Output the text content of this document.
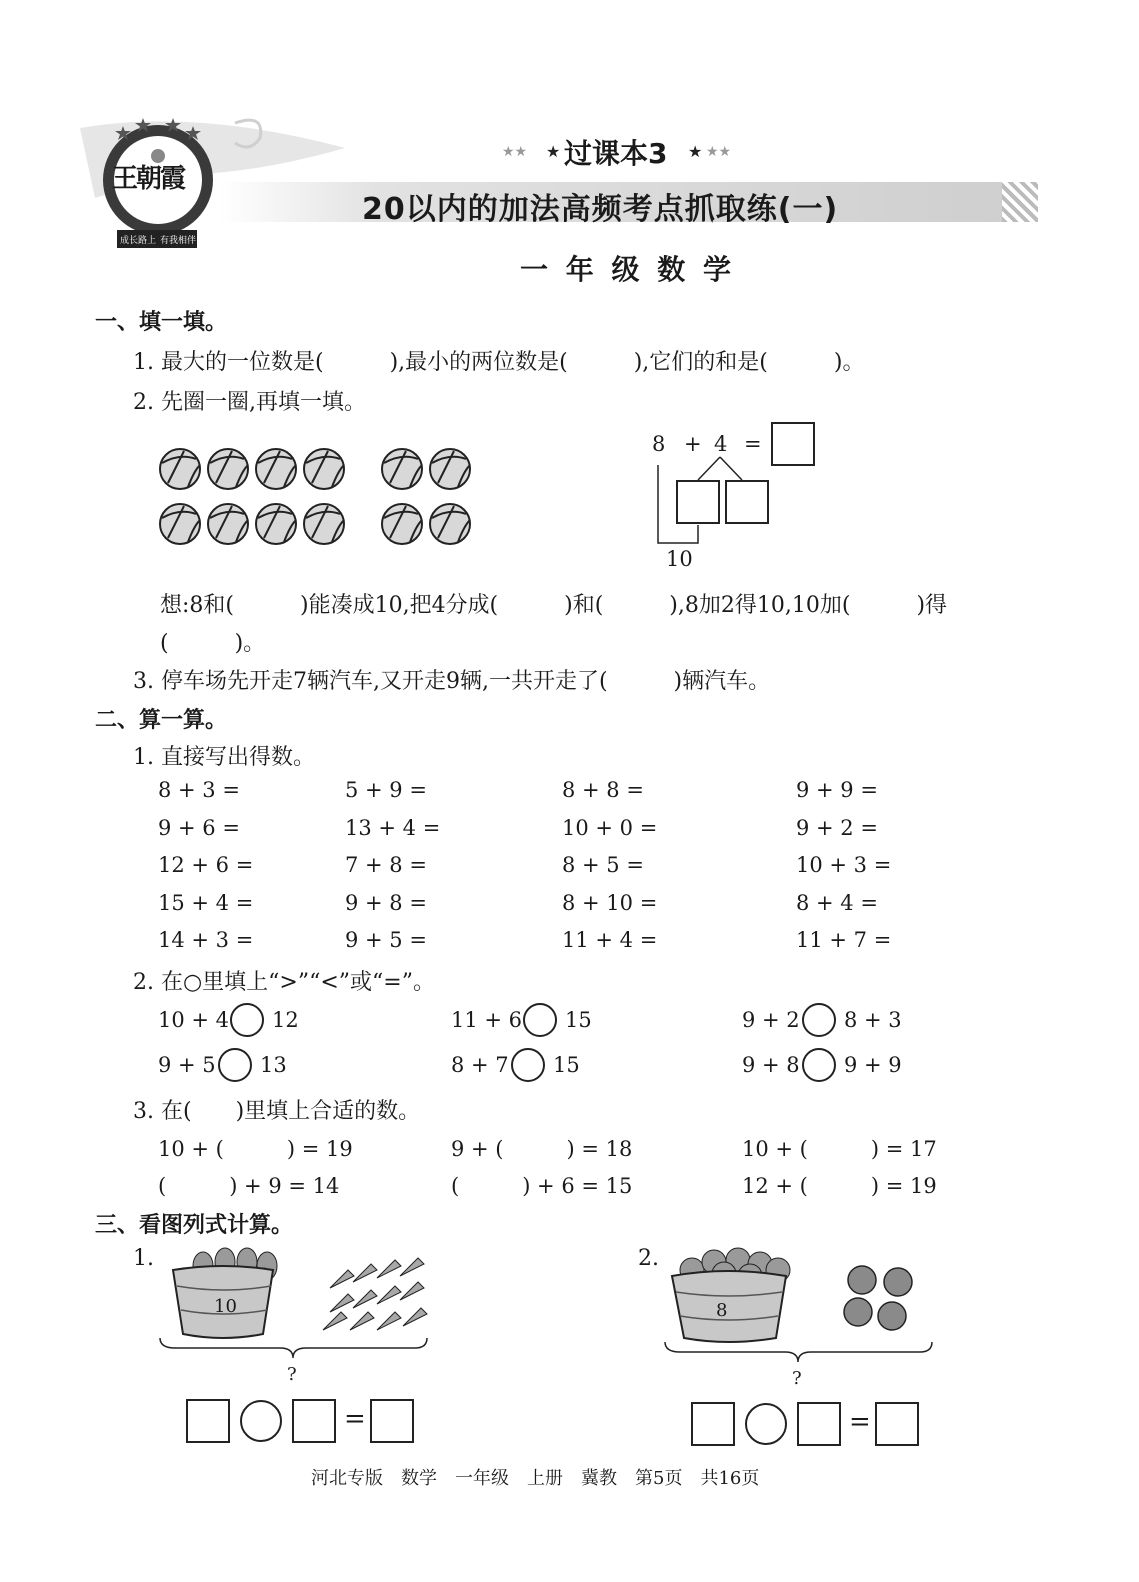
王朝霞
成长路上 有我相伴
★★ ★ 过课本3 ★ ★★
20以内的加法高频考点抓取练(一)
一 年 级 数 学
一、填一填。
1. 最大的一位数是(　　　),最小的两位数是(　　　),它们的和是(　　　)。
2. 先圈一圈,再填一填。
8 + 4 =
10
想:8和(　　　)能凑成10,把4分成(　　　)和(　　　),8加2得10,10加(　　　)得
(　　　)。
3. 停车场先开走7辆汽车,又开走9辆,一共开走了(　　　)辆汽车。
二、算一算。
1. 直接写出得数。
8 + 3 =	5 + 9 =	8 + 8 =	9 + 9 =
9 + 6 =	13 + 4 =	10 + 0 =	9 + 2 =
12 + 6 =	7 + 8 =	8 + 5 =	10 + 3 =
15 + 4 =	9 + 8 =	8 + 10 =	8 + 4 =
14 + 3 =	9 + 5 =	11 + 4 =	11 + 7 =
2. 在○里填上“>”“<”或“=”。
10 + 4 12	11 + 6 15	9 + 2 8 + 3
9 + 5 13	8 + 7 15	9 + 8 9 + 9
3. 在(　　)里填上合适的数。
10 + (　　　) = 19	9 + (　　　) = 18	10 + (　　　) = 17
(　　　) + 9 = 14	(　　　) + 6 = 15	12 + (　　　) = 19
三、看图列式计算。
1.
10
?
=
2.
8
?
=
河北专版　数学　一年级　上册　冀教　第5页　共16页
